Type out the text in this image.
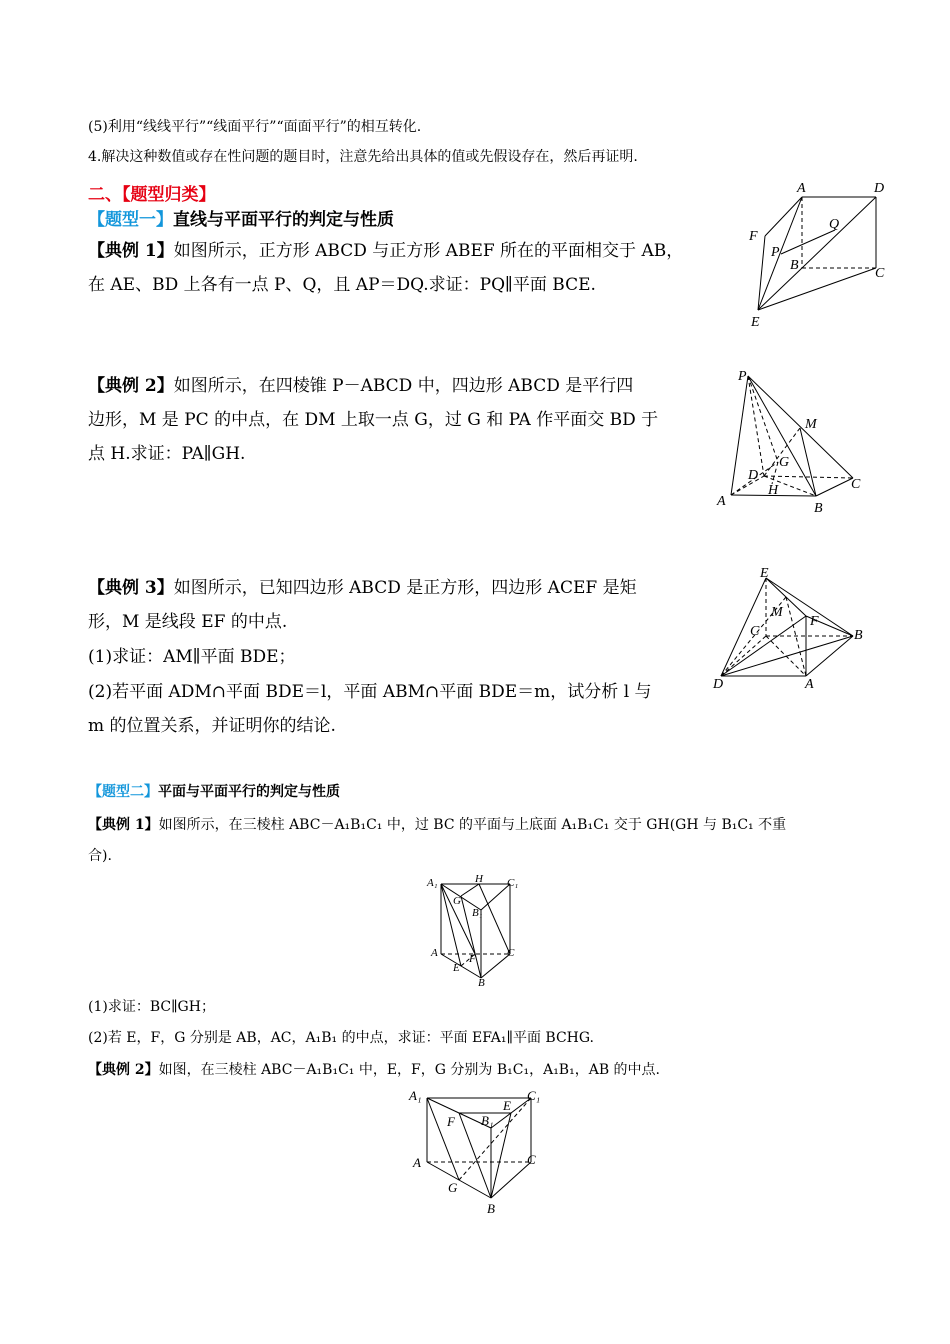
(5)利用“线线平行”“线面平行”“面面平行”的相互转化.
4.解决这种数值或存在性问题的题目时，注意先给出具体的值或先假设存在，然后再证明.
二、【题型归类】
【题型一】直线与平面平行的判定与性质
【典例 1】如图所示，正方形 ABCD 与正方形 ABEF 所在的平面相交于 AB，
在 AE、BD 上各有一点 P、Q，且 AP＝DQ.求证：PQ∥平面 BCE.
A	D
F
Q
P
B
C
E
【典例 2】如图所示，在四棱锥 P－ABCD 中，四边形 ABCD 是平行四
边形，M 是 PC 的中点，在 DM 上取一点 G，过 G 和 PA 作平面交 BD 于
点 H.求证：PA∥GH.
P
M
G
D
H
A	B
C
【典例 3】如图所示，已知四边形 ABCD 是正方形，四边形 ACEF 是矩
形，M 是线段 EF 的中点.
(1)求证：AM∥平面 BDE；
(2)若平面 ADM∩平面 BDE＝l，平面 ABM∩平面 BDE＝m，试分析 l 与
m 的位置关系，并证明你的结论.
E
M
F
C	B
D	A
【题型二】平面与平面平行的判定与性质
【典例 1】如图所示，在三棱柱 ABC－A₁B₁C₁ 中，过 BC 的平面与上底面 A₁B₁C₁ 交于 GH(GH 与 B₁C₁ 不重
合).
A₁	H C₁
G
B₁
A
E
F	C
B
(1)求证：BC∥GH；
(2)若 E，F，G 分别是 AB，AC，A₁B₁ 的中点，求证：平面 EFA₁∥平面 BCHG.
【典例 2】如图，在三棱柱 ABC－A₁B₁C₁ 中，E，F，G 分别为 B₁C₁，A₁B₁，AB 的中点.
A₁
E
C₁
F B₁
A	C
G
B
